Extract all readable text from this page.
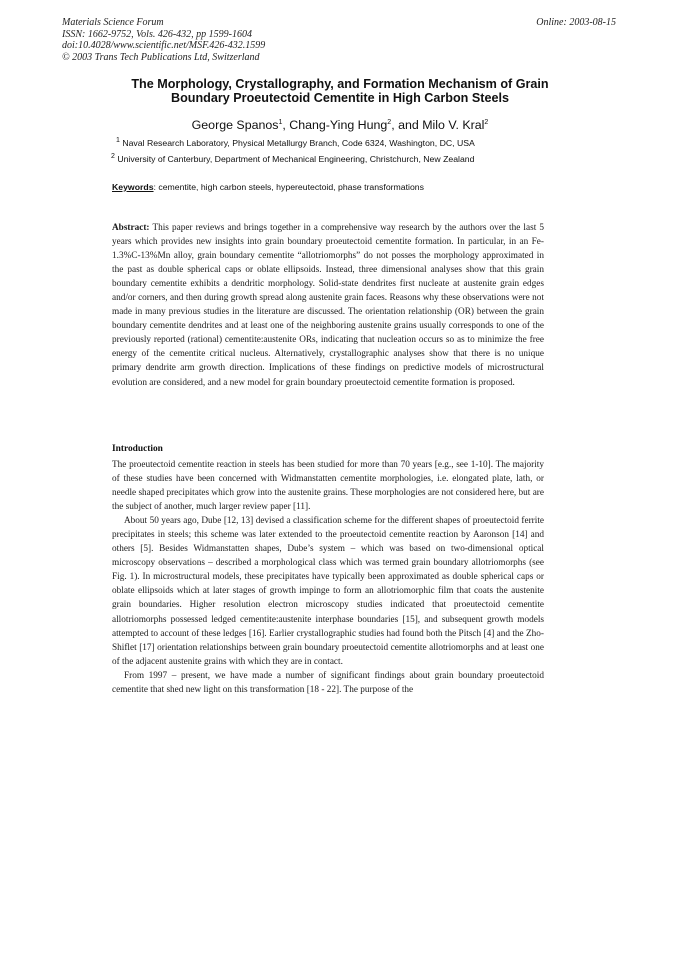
Materials Science Forum
ISSN: 1662-9752, Vols. 426-432, pp 1599-1604
doi:10.4028/www.scientific.net/MSF.426-432.1599
© 2003 Trans Tech Publications Ltd, Switzerland
Online: 2003-08-15
The Morphology, Crystallography, and Formation Mechanism of Grain
Boundary Proeutectoid Cementite in High Carbon Steels
George Spanos$^1$, Chang-Ying Hung$^2$, and Milo V. Kral$^2$
$^1$ Naval Research Laboratory, Physical Metallurgy Branch, Code 6324, Washington, DC, USA
$^2$ University of Canterbury, Department of Mechanical Engineering, Christchurch, New Zealand
Keywords: cementite, high carbon steels, hypereutectoid, phase transformations

Abstract: This paper reviews and brings together in a comprehensive way research by the authors over the last 5 years which provides new insights into grain boundary proeutectoid cementite formation. In particular, in an Fe-1.3%C-13%Mn alloy, grain boundary cementite “allotriomorphs” do not posses the morphology approximated in the past as double spherical caps or oblate ellipsoids. Instead, three dimensional analyses show that this grain boundary cementite exhibits a dendritic morphology. Solid-state dendrites first nucleate at austenite grain edges and/or corners, and then during growth spread along austenite grain faces. Reasons why these observations were not made in many previous studies in the literature are discussed. The orientation relationship (OR) between the grain boundary cementite dendrites and at least one of the neighboring austenite grains usually corresponds to one of the previously reported (rational) cementite:austenite ORs, indicating that nucleation occurs so as to minimize the free energy of the cementite critical nucleus. Alternatively, crystallographic analyses show that there is no unique primary dendrite arm growth direction. Implications of these findings on predictive models of microstructural evolution are considered, and a new model for grain boundary proeutectoid cementite formation is proposed.

Introduction

The proeutectoid cementite reaction in steels has been studied for more than 70 years [e.g., see 1-10]. The majority of these studies have been concerned with Widmanstatten cementite morphologies, i.e. elongated plate, lath, or needle shaped precipitates which grow into the austenite grains. These morphologies are not considered here, but are the subject of another, much larger review paper [11].

About 50 years ago, Dube [12, 13] devised a classification scheme for the different shapes of proeutectoid ferrite precipitates in steels; this scheme was later extended to the proeutectoid cementite reaction by Aaronson [14] and others [5]. Besides Widmanstatten shapes, Dube’s system – which was based on two-dimensional optical microscopy observations – described a morphological class which was termed grain boundary allotriomorphs (see Fig. 1). In microstructural models, these precipitates have typically been approximated as double spherical caps or oblate ellipsoids which at later stages of growth impinge to form an allotriomorphic film that coats the austenite grain boundaries. Higher resolution electron microscopy studies indicated that proeutectoid cementite allotriomorphs possessed ledged cementite:austenite interphase boundaries [15], and subsequent growth models attempted to account of these ledges [16]. Earlier crystallographic studies had found both the Pitsch [4] and the Zho-Shiflet [17] orientation relationships between grain boundary proeutectoid cementite allotriomorphs and at least one of the adjacent austenite grains with which they are in contact.

From 1997 – present, we have made a number of significant findings about grain boundary proeutectoid cementite that shed new light on this transformation [18 - 22]. The purpose of the
